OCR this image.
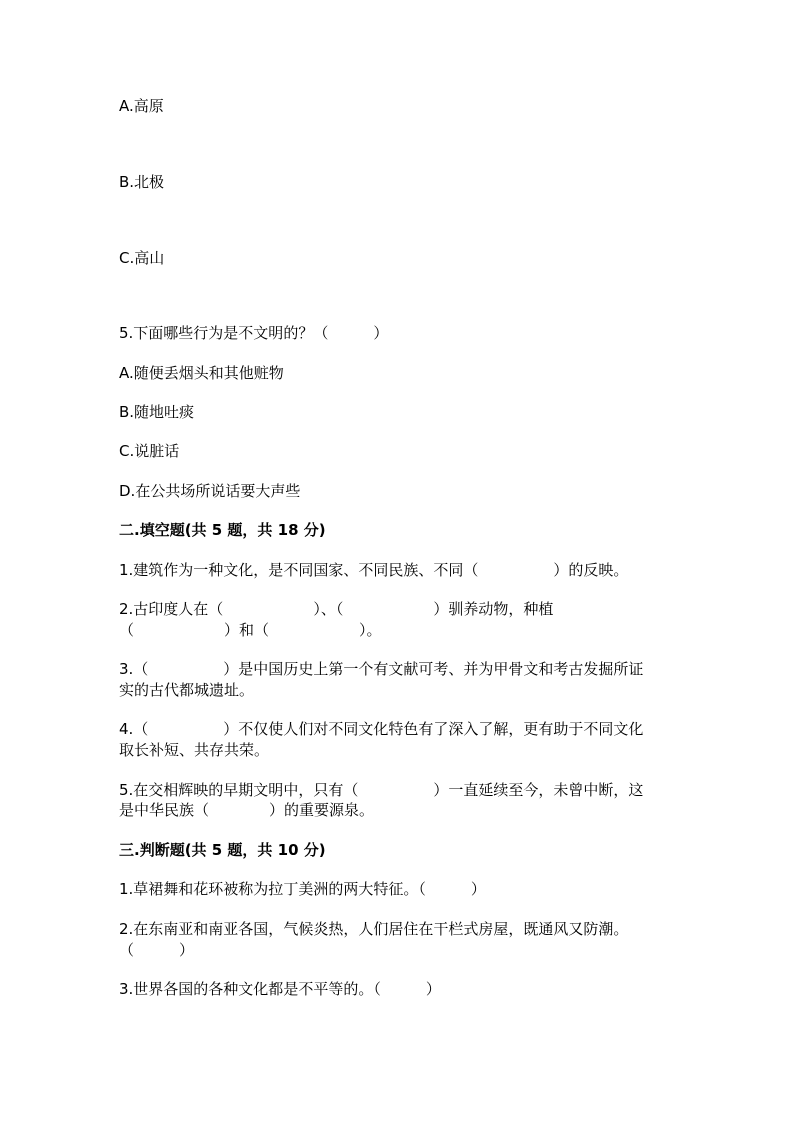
A.高原

B.北极

C.高山

5.下面哪些行为是不文明的？（　　　）

A.随便丢烟头和其他赃物

B.随地吐痰

C.说脏话

D.在公共场所说话要大声些

二.填空题(共 5 题，共 18 分)

1.建筑作为一种文化，是不同国家、不同民族、不同（　　　　　）的反映。

2.古印度人在（　　　　　　）、（　　　　　　）驯养动物，种植

（　　　　　　）和（　　　　　　）。

3.（　　　　　）是中国历史上第一个有文献可考、并为甲骨文和考古发掘所证

实的古代都城遗址。

4.（　　　　　）不仅使人们对不同文化特色有了深入了解，更有助于不同文化

取长补短、共存共荣。

5.在交相辉映的早期文明中，只有（　　　　　）一直延续至今，未曾中断，这

是中华民族（　　　　）的重要源泉。

三.判断题(共 5 题，共 10 分)

1.草裙舞和花环被称为拉丁美洲的两大特征。（　　　）

2.在东南亚和南亚各国，气候炎热，人们居住在干栏式房屋，既通风又防潮。

（　　　）

3.世界各国的各种文化都是不平等的。（　　　）
